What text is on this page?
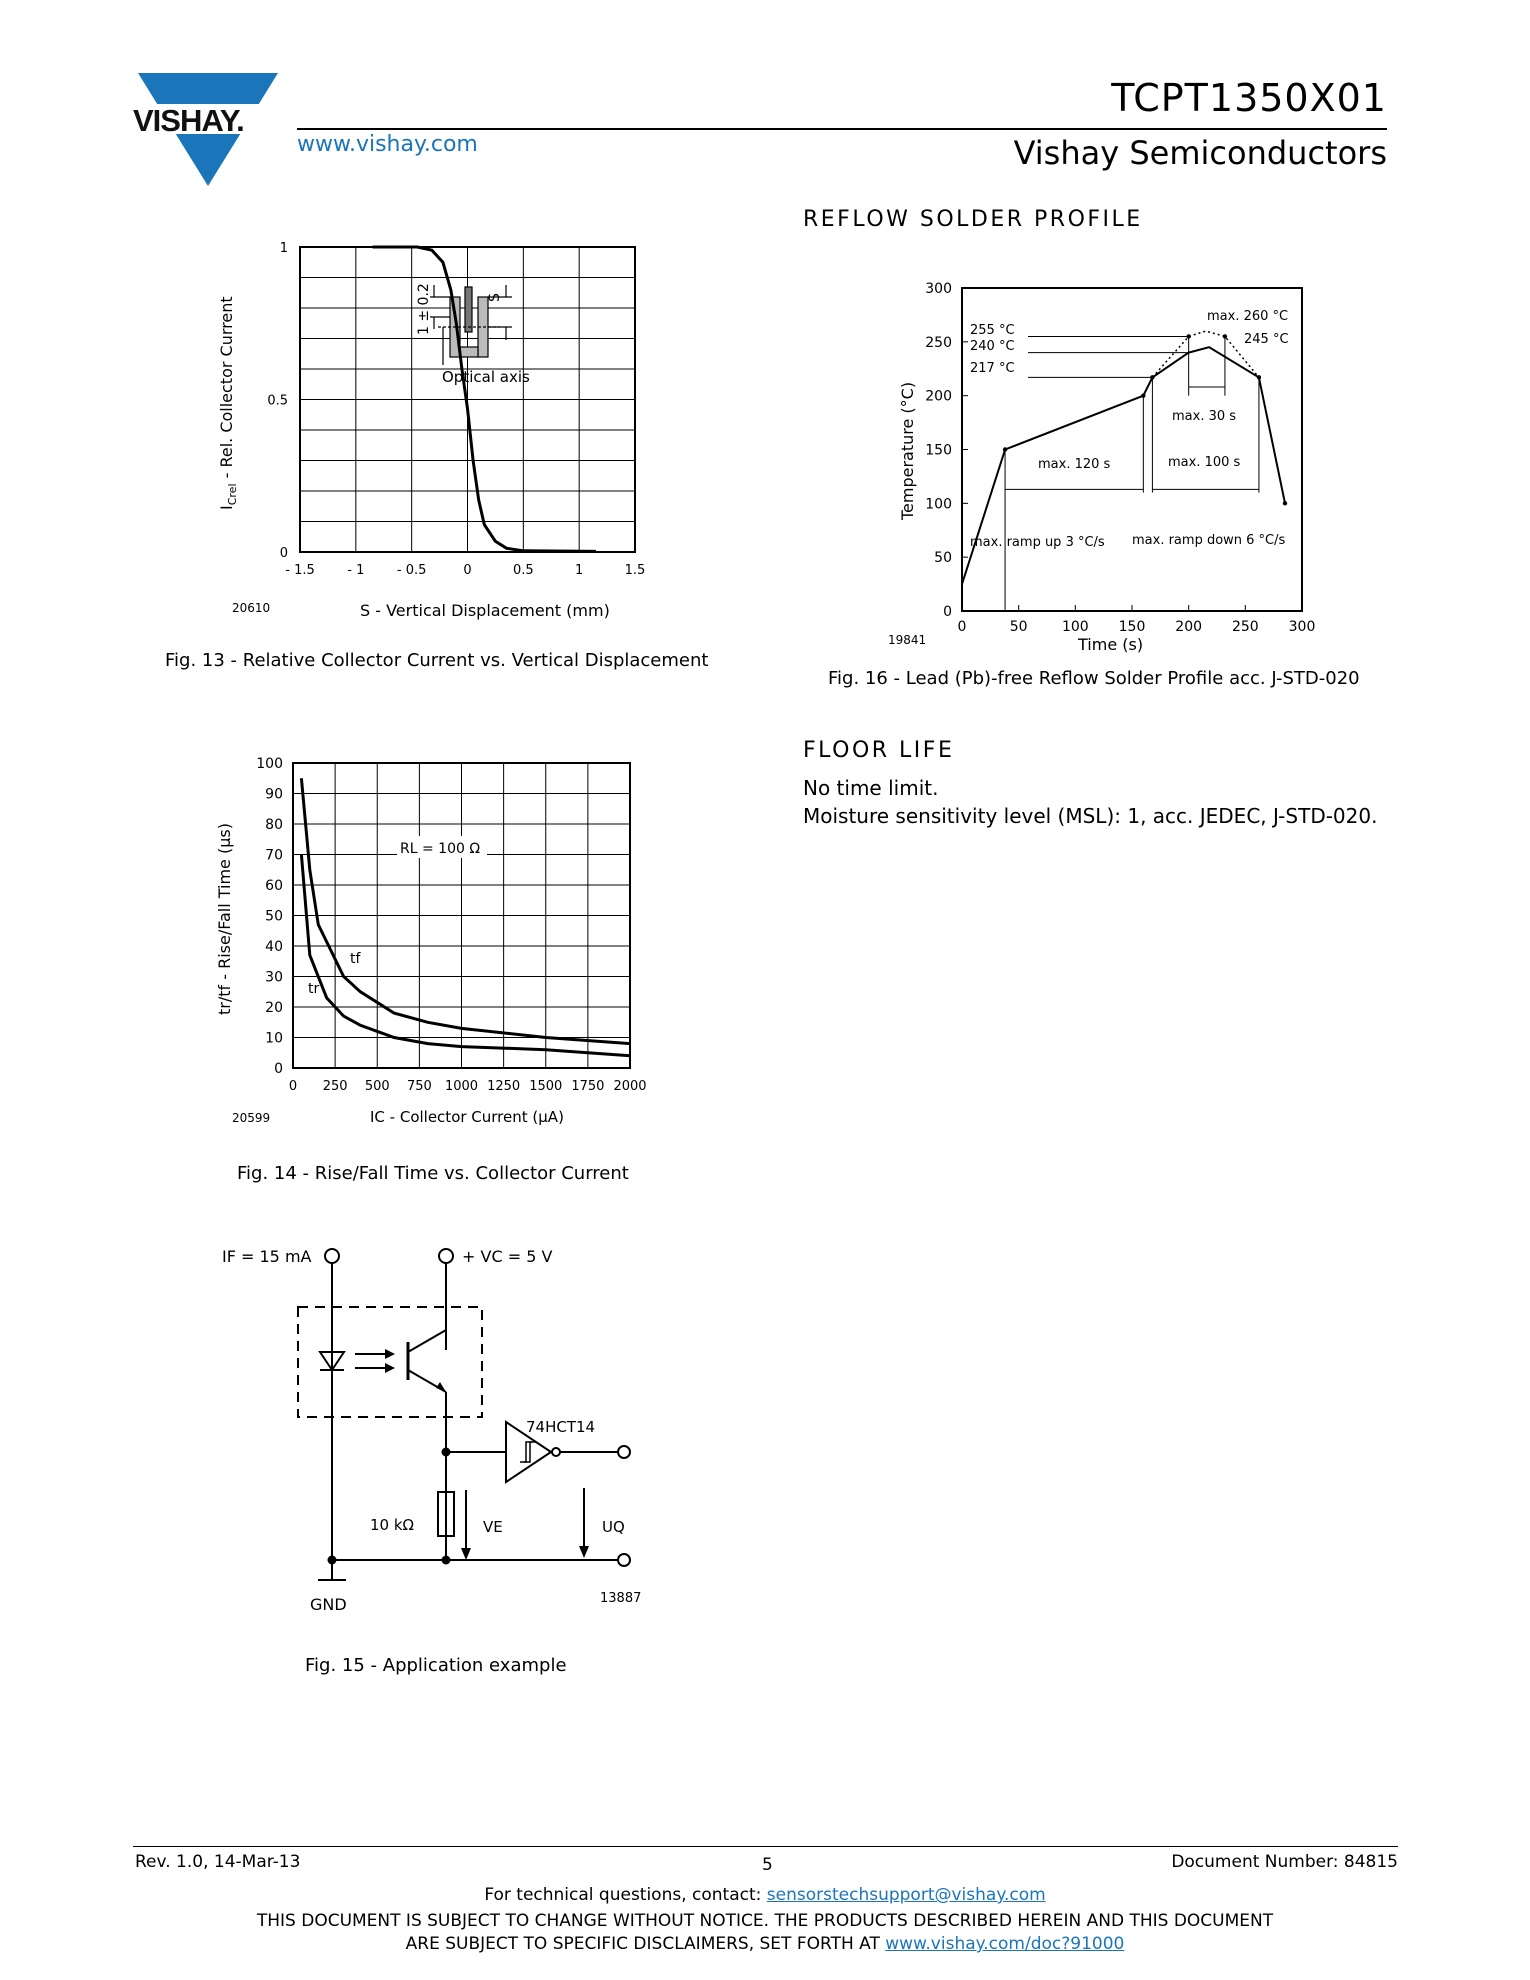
VISHAY.
www.vishay.com
TCPT1350X01
Vishay Semiconductors
- 1.5	- 1	- 0.5	0	0.5	1	1.5
0
0.5
1
1 ± 0.2	S
Optical axis
$I_{Crel}$ - Rel. Collector Current
S - Vertical Displacement (mm)
20610
Fig. 13 - Relative Collector Current vs. Vertical Displacement
0 250 500 750 1000 1250 1500 1750 2000
0
10
20
30
40
50
60
70
80
90
100
RL = 100 Ω
tf
tr
tr/tf - Rise/Fall Time (µs)
IC - Collector Current (µA)
20599
Fig. 14 - Rise/Fall Time vs. Collector Current
IF = 15 mA	+ VC = 5 V
74HCT14
10 kΩ	VE	UQ
GND	13887
Fig. 15 - Application example
REFLOW SOLDER PROFILE
0	50 100 150 200 250 300
0
50
100
150
200
250
300
255 °C
240 °C
217 °C
max. 260 °C
245 °C
max. 30 s
max. 120 s	max. 100 s
max. ramp up 3 °C/s max. ramp down 6 °C/s
Temperature (°C)
Time (s)
19841
Fig. 16 - Lead (Pb)-free Reflow Solder Profile acc. J-STD-020
FLOOR LIFE
No time limit.
Moisture sensitivity level (MSL): 1, acc. JEDEC, J-STD-020.
Rev. 1.0, 14-Mar-13	5	Document Number: 84815
For technical questions, contact: sensorstechsupport@vishay.com
THIS DOCUMENT IS SUBJECT TO CHANGE WITHOUT NOTICE. THE PRODUCTS DESCRIBED HEREIN AND THIS DOCUMENT
ARE SUBJECT TO SPECIFIC DISCLAIMERS, SET FORTH AT www.vishay.com/doc?91000
